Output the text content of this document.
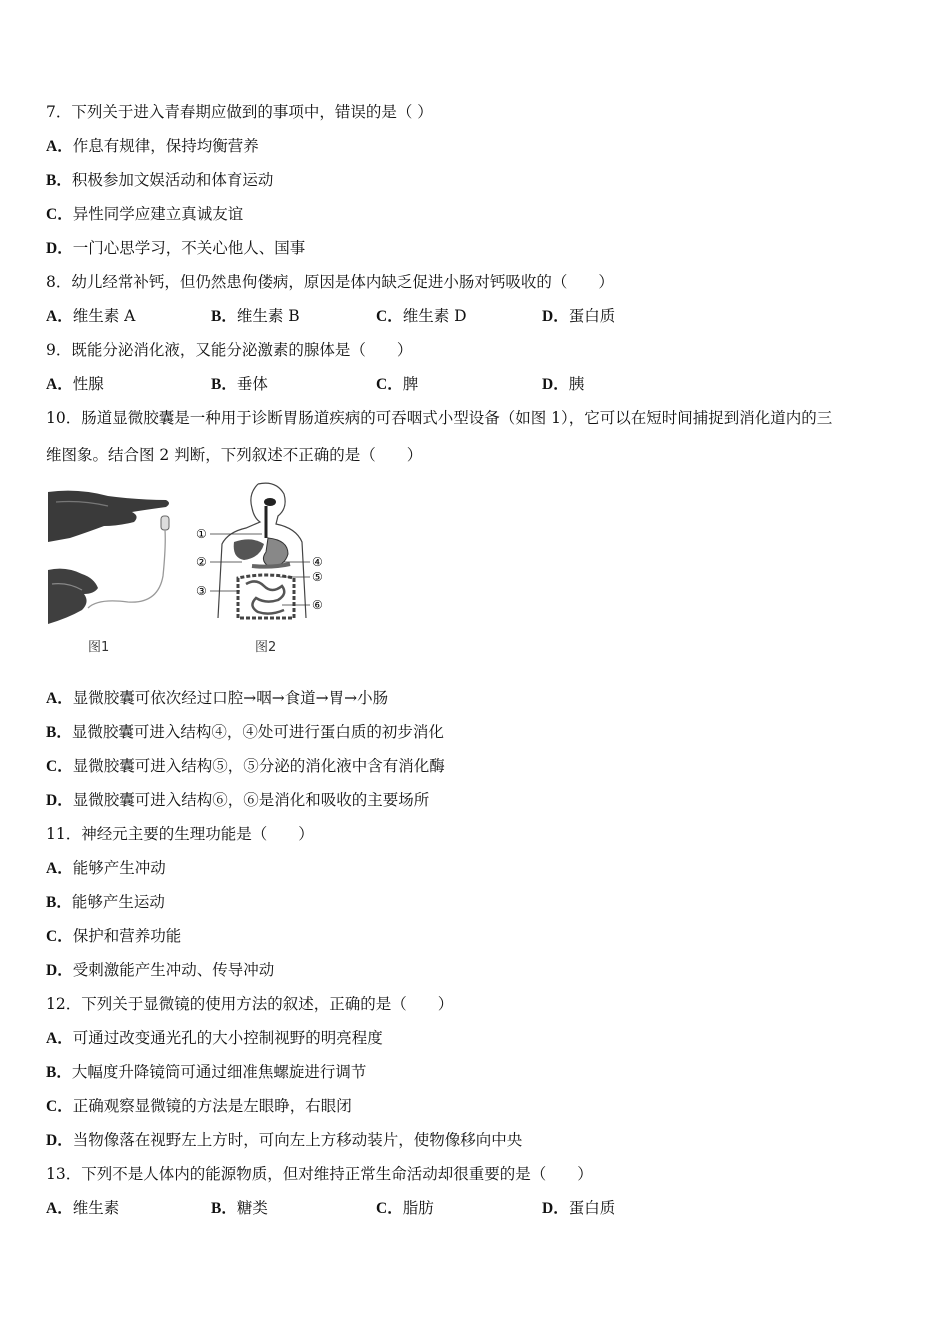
7．下列关于进入青春期应做到的事项中，错误的是（ ）
A．作息有规律，保持均衡营养
B．积极参加文娱活动和体育运动
C．异性同学应建立真诚友谊
D．一门心思学习，不关心他人、国事
8．幼儿经常补钙，但仍然患佝偻病，原因是体内缺乏促进小肠对钙吸收的（　　）
A．维生素 A	B．维生素 B	C．维生素 D	D．蛋白质
9．既能分泌消化液，又能分泌激素的腺体是（　　）
A．性腺	B．垂体	C．脾	D．胰
10．肠道显微胶囊是一种用于诊断胃肠道疾病的可吞咽式小型设备（如图 1），它可以在短时间捕捉到消化道内的三
维图象。结合图 2 判断，下列叙述不正确的是（　　）
①
②
③
④
⑤
⑥
图1	图2
A．显微胶囊可依次经过口腔→咽→食道→胃→小肠
B．显微胶囊可进入结构④，④处可进行蛋白质的初步消化
C．显微胶囊可进入结构⑤，⑤分泌的消化液中含有消化酶
D．显微胶囊可进入结构⑥，⑥是消化和吸收的主要场所
11．神经元主要的生理功能是（　　）
A．能够产生冲动
B．能够产生运动
C．保护和营养功能
D．受刺激能产生冲动、传导冲动
12．下列关于显微镜的使用方法的叙述，正确的是（　　）
A．可通过改变通光孔的大小控制视野的明亮程度
B．大幅度升降镜筒可通过细准焦螺旋进行调节
C．正确观察显微镜的方法是左眼睁，右眼闭
D．当物像落在视野左上方时，可向左上方移动装片，使物像移向中央
13．下列不是人体内的能源物质，但对维持正常生命活动却很重要的是（　　）
A．维生素	B．糖类	C．脂肪	D．蛋白质
